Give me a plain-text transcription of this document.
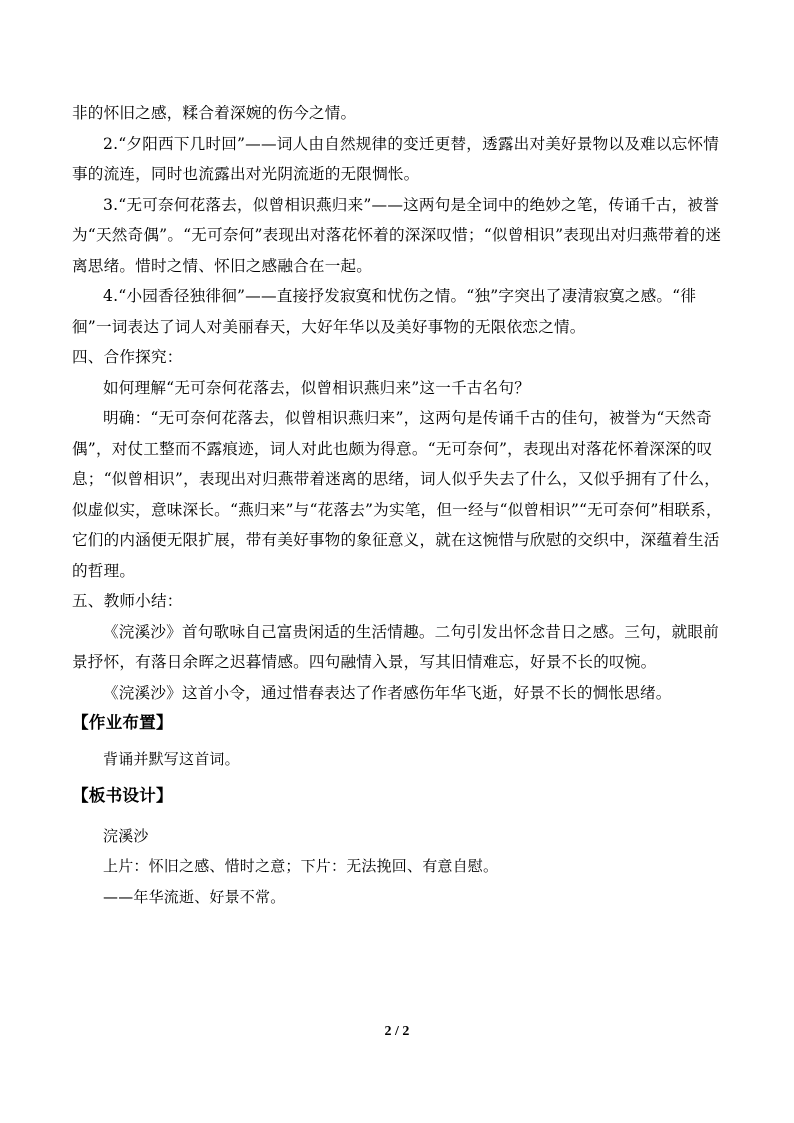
非的怀旧之感，糅合着深婉的伤今之情。

2.“夕阳西下几时回”——词人由自然规律的变迁更替，透露出对美好景物以及难以忘怀情事的流连，同时也流露出对光阴流逝的无限惆怅。

3.“无可奈何花落去，似曾相识燕归来”——这两句是全词中的绝妙之笔，传诵千古，被誉为“天然奇偶”。“无可奈何”表现出对落花怀着的深深叹惜；“似曾相识”表现出对归燕带着的迷离思绪。惜时之情、怀旧之感融合在一起。

4.“小园香径独徘徊”——直接抒发寂寞和忧伤之情。“独”字突出了凄清寂寞之感。“徘徊”一词表达了词人对美丽春天，大好年华以及美好事物的无限依恋之情。

四、合作探究：

如何理解“无可奈何花落去，似曾相识燕归来”这一千古名句？

明确：“无可奈何花落去，似曾相识燕归来”，这两句是传诵千古的佳句，被誉为“天然奇偶”，对仗工整而不露痕迹，词人对此也颇为得意。“无可奈何”，表现出对落花怀着深深的叹息；“似曾相识”，表现出对归燕带着迷离的思绪，词人似乎失去了什么，又似乎拥有了什么，似虚似实，意味深长。“燕归来”与“花落去”为实笔，但一经与“似曾相识”“无可奈何”相联系，它们的内涵便无限扩展，带有美好事物的象征意义，就在这惋惜与欣慰的交织中，深蕴着生活的哲理。

五、教师小结：

《浣溪沙》首句歌咏自己富贵闲适的生活情趣。二句引发出怀念昔日之感。三句，就眼前景抒怀，有落日余晖之迟暮情感。四句融情入景，写其旧情难忘，好景不长的叹惋。

《浣溪沙》这首小令，通过惜春表达了作者感伤年华飞逝，好景不长的惆怅思绪。

【作业布置】

背诵并默写这首词。

【板书设计】

浣溪沙

上片：怀旧之感、惜时之意；下片：无法挽回、有意自慰。

——年华流逝、好景不常。

2 / 2
